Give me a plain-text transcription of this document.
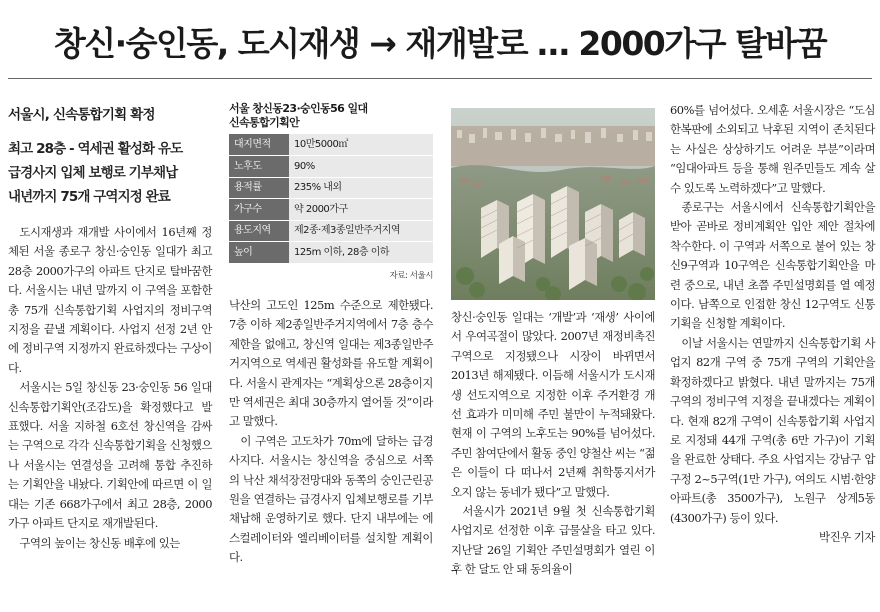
창신·숭인동, 도시재생 → 재개발로 … 2000가구 탈바꿈
서울시, 신속통합기획 확정
최고 28층 - 역세권 활성화 유도
급경사지 입체 보행로 기부채납
내년까지 75개 구역지정 완료

도시재생과 재개발 사이에서 16년째 정체된 서울 종로구 창신·숭인동 일대가 최고 28층 2000가구의 아파트 단지로 탈바꿈한다. 서울시는 내년 말까지 이 구역을 포함한 총 75개 신속통합기획 사업지의 정비구역 지정을 끝낼 계획이다. 사업지 선정 2년 안에 정비구역 지정까지 완료하겠다는 구상이다.

서울시는 5일 창신동 23·숭인동 56 일대 신속통합기획안(조감도)을 확정했다고 발표했다. 서울 지하철 6호선 창신역을 감싸는 구역으로 각각 신속통합기획을 신청했으나 서울시는 연결성을 고려해 통합 추진하는 기획안을 내놨다. 기획안에 따르면 이 일대는 기존 668가구에서 최고 28층, 2000가구 아파트 단지로 재개발된다.

구역의 높이는 창신동 배후에 있는

서울 창신동23·숭인동56 일대
신속통합기획안
대지면적	10만5000㎡
노후도	90%
용적률	235% 내외
가구수	약 2000가구
용도지역	제2종·제3종일반주거지역
높이	125m 이하, 28층 이하
자료: 서울시

낙산의 고도인 125m 수준으로 제한됐다. 7층 이하 제2종일반주거지역에서 7층 층수 제한을 없애고, 창신역 일대는 제3종일반주거지역으로 역세권 활성화를 유도할 계획이다. 서울시 관계자는 “계획상으론 28층이지만 역세권은 최대 30층까지 열어둘 것”이라고 말했다.

이 구역은 고도차가 70m에 달하는 급경사지다. 서울시는 창신역을 중심으로 서쪽의 낙산 채석장전망대와 동쪽의 숭인근린공원을 연결하는 급경사지 입체보행로를 기부채납해 운영하기로 했다. 단지 내부에는 에스컬레이터와 엘리베이터를 설치할 계획이다.

창신·숭인동 일대는 ‘개발’과 ‘재생’ 사이에서 우여곡절이 많았다. 2007년 재정비촉진구역으로 지정됐으나 시장이 바뀌면서 2013년 해제됐다. 이듬해 서울시가 도시재생 선도지역으로 지정한 이후 주거환경 개선 효과가 미미해 주민 불만이 누적돼왔다. 현재 이 구역의 노후도는 90%를 넘어섰다. 주민 참여단에서 활동 중인 양철산 씨는 “젊은 이들이 다 떠나서 2년째 취학통지서가 오지 않는 동네가 됐다”고 말했다.

서울시가 2021년 9월 첫 신속통합기획 사업지로 선정한 이후 급물살을 타고 있다. 지난달 26일 기획안 주민설명회가 열린 이후 한 달도 안 돼 동의율이

60%를 넘어섰다. 오세훈 서울시장은 “도심 한복판에 소외되고 낙후된 지역이 존치된다는 사실은 상상하기도 어려운 부분”이라며 “임대아파트 등을 통해 원주민들도 계속 살 수 있도록 노력하겠다”고 말했다.

종로구는 서울시에서 신속통합기획안을 받아 곧바로 정비계획안 입안 제안 절차에 착수한다. 이 구역과 서쪽으로 붙어 있는 창신9구역과 10구역은 신속통합기획안을 마련 중으로, 내년 초쯤 주민설명회를 열 예정이다. 남쪽으로 인접한 창신 12구역도 신통기획을 신청할 계획이다.

이날 서울시는 연말까지 신속통합기획 사업지 82개 구역 중 75개 구역의 기획안을 확정하겠다고 밝혔다. 내년 말까지는 75개 구역의 정비구역 지정을 끝내겠다는 계획이다. 현재 82개 구역이 신속통합기획 사업지로 지정돼 44개 구역(총 6만 가구)이 기획을 완료한 상태다. 주요 사업지는 강남구 압구정 2~5구역(1만 가구), 여의도 시범·한양아파트(총 3500가구), 노원구 상계5동(4300가구) 등이 있다.

박진우 기자
